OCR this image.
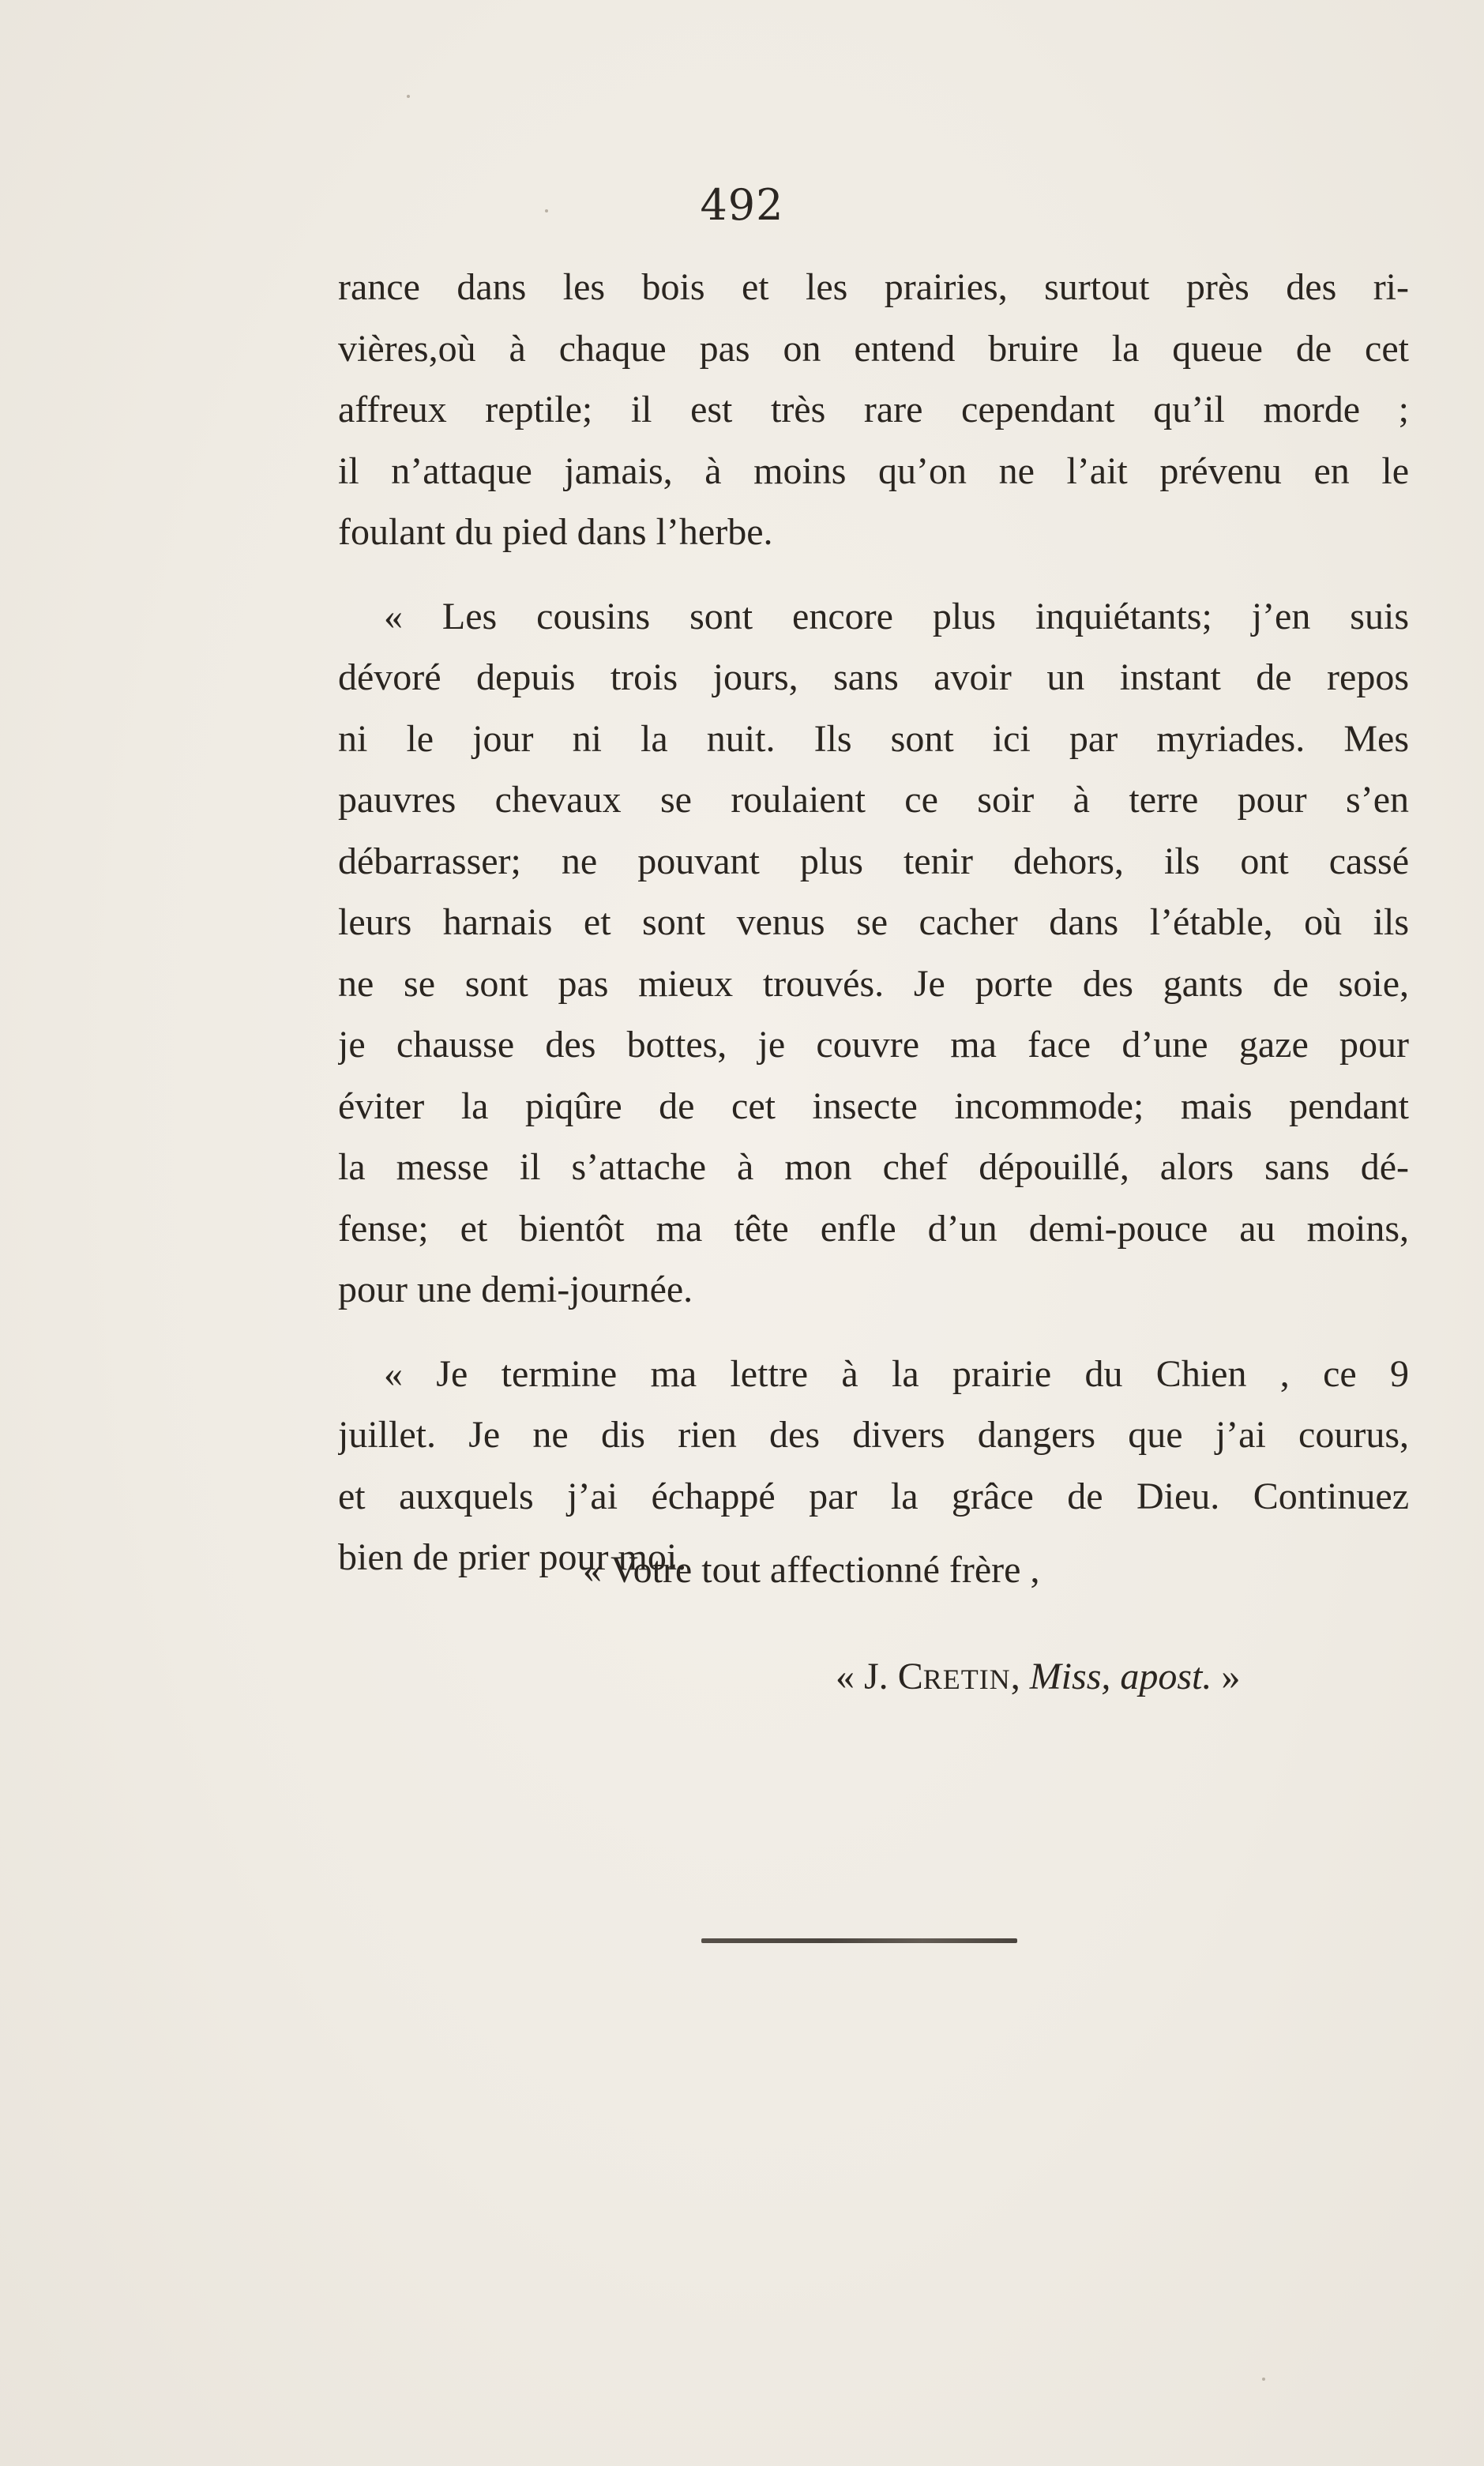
492
rance dans les bois et les prairies, surtout près des ri-
vières,où à chaque pas on entend bruire la queue de cet
affreux reptile; il est très rare cependant qu’il morde ;
il n’attaque jamais, à moins qu’on ne l’ait prévenu en le
foulant du pied dans l’herbe.
« Les cousins sont encore plus inquiétants; j’en suis
dévoré depuis trois jours, sans avoir un instant de repos
ni le jour ni la nuit. Ils sont ici par myriades. Mes
pauvres chevaux se roulaient ce soir à terre pour s’en
débarrasser; ne pouvant plus tenir dehors, ils ont cassé
leurs harnais et sont venus se cacher dans l’étable, où ils
ne se sont pas mieux trouvés. Je porte des gants de soie,
je chausse des bottes, je couvre ma face d’une gaze pour
éviter la piqûre de cet insecte incommode; mais pendant
la messe il s’attache à mon chef dépouillé, alors sans dé-
fense; et bientôt ma tête enfle d’un demi-pouce au moins,
pour une demi-journée.
« Je termine ma lettre à la prairie du Chien , ce 9
juillet. Je ne dis rien des divers dangers que j’ai courus,
et auxquels j’ai échappé par la grâce de Dieu. Continuez
bien de prier pour moi.
« Votre tout affectionné frère ,
« J. CRETIN, Miss, apost. »
